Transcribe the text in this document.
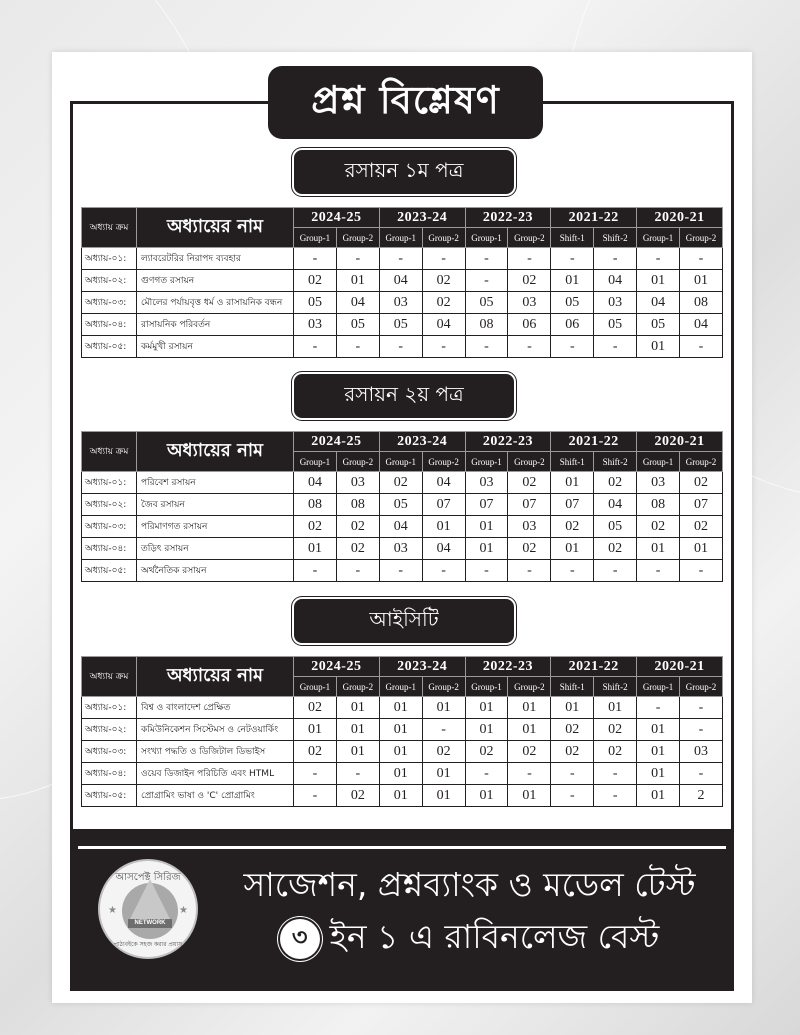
প্রশ্ন বিশ্লেষণ
রসায়ন ১ম পত্র
অধ্যায় ক্রম	অধ্যায়ের নাম	2024-25		2023-24		2022-23		2021-22		2020-21	
		Group-1	Group-2	Group-1	Group-2	Group-1	Group-2	Shift-1	Shift-2	Group-1	Group-2
অধ্যায়-০১:	ল্যাবরেটরির নিরাপদ ব্যবহার	-	-	-	-	-	-	-	-	-	-
অধ্যায়-০২:	গুণগত রসায়ন	02	01	04	02	-	02	01	04	01	01
অধ্যায়-০৩:	মৌলের পর্যায়বৃত্ত ধর্ম ও রাসায়নিক বন্ধন	05	04	03	02	05	03	05	03	04	08
অধ্যায়-০৪:	রাসায়নিক পরিবর্তন	03	05	05	04	08	06	06	05	05	04
অধ্যায়-০৫:	কর্মমুখী রসায়ন	-	-	-	-	-	-	-	-	01	-
রসায়ন ২য় পত্র
অধ্যায় ক্রম	অধ্যায়ের নাম	2024-25		2023-24		2022-23		2021-22		2020-21	
		Group-1	Group-2	Group-1	Group-2	Group-1	Group-2	Shift-1	Shift-2	Group-1	Group-2
অধ্যায়-০১:	পরিবেশ রসায়ন	04	03	02	04	03	02	01	02	03	02
অধ্যায়-০২:	জৈব রসায়ন	08	08	05	07	07	07	07	04	08	07
অধ্যায়-০৩:	পরিমাণগত রসায়ন	02	02	04	01	01	03	02	05	02	02
অধ্যায়-০৪:	তড়িৎ রসায়ন	01	02	03	04	01	02	01	02	01	01
অধ্যায়-০৫:	অর্থনৈতিক রসায়ন	-	-	-	-	-	-	-	-	-	-
আইসিটি
অধ্যায় ক্রম	অধ্যায়ের নাম	2024-25		2023-24		2022-23		2021-22		2020-21	
		Group-1	Group-2	Group-1	Group-2	Group-1	Group-2	Shift-1	Shift-2	Group-1	Group-2
অধ্যায়-০১:	বিশ্ব ও বাংলাদেশ প্রেক্ষিত	02	01	01	01	01	01	01	01	-	-
অধ্যায়-০২:	কমিউনিকেশন সিস্টেমস ও নেটওয়ার্কিং	01	01	01	-	01	01	02	02	01	-
অধ্যায়-০৩:	সংখ্যা পদ্ধতি ও ডিজিটাল ডিভাইস	02	01	01	02	02	02	02	02	01	03
অধ্যায়-০৪:	ওয়েব ডিজাইন পরিচিতি এবং HTML	-	-	01	01	-	-	-	-	01	-
অধ্যায়-০৫:	প্রোগ্রামিং ভাষা ও 'C' প্রোগ্রামিং	-	02	01	01	01	01	-	-	01	2
আসপেক্ট সিরিজ
★	★
NETWORK
পাঠ্যবইকে সহজ করার প্রয়াস
সাজেশন, প্রশ্নব্যাংক ও মডেল টেস্ট
৩ ইন ১ এ রাবিনলেজ বেস্ট
